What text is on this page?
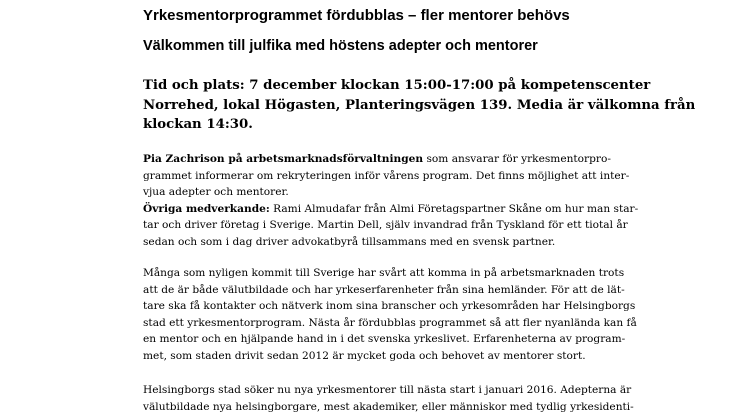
Yrkesmentorprogrammet fördubblas – fler mentorer behövs
Välkommen till julfika med höstens adepter och mentorer
Tid och plats: 7 december klockan 15:00-17:00 på kompetenscenter
Norrehed, lokal Högasten, Planteringsvägen 139. Media är välkomna från
klockan 14:30.
Pia Zachrison på arbetsmarknadsförvaltningen som ansvarar för yrkesmentorpro-
grammet informerar om rekryteringen inför vårens program. Det finns möjlighet att inter-
vjua adepter och mentorer.
Övriga medverkande: Rami Almudafar från Almi Företagspartner Skåne om hur man star-
tar och driver företag i Sverige. Martin Dell, själv invandrad från Tyskland för ett tiotal år
sedan och som i dag driver advokatbyrå tillsammans med en svensk partner.
Många som nyligen kommit till Sverige har svårt att komma in på arbetsmarknaden trots
att de är både välutbildade och har yrkeserfarenheter från sina hemländer. För att de lät-
tare ska få kontakter och nätverk inom sina branscher och yrkesområden har Helsingborgs
stad ett yrkesmentorprogram. Nästa år fördubblas programmet så att fler nyanlända kan få
en mentor och en hjälpande hand in i det svenska yrkeslivet. Erfarenheterna av program-
met, som staden drivit sedan 2012 är mycket goda och behovet av mentorer stort.
Helsingborgs stad söker nu nya yrkesmentorer till nästa start i januari 2016. Adepterna är
välutbildade nya helsingborgare, mest akademiker, eller människor med tydlig yrkesidenti-
